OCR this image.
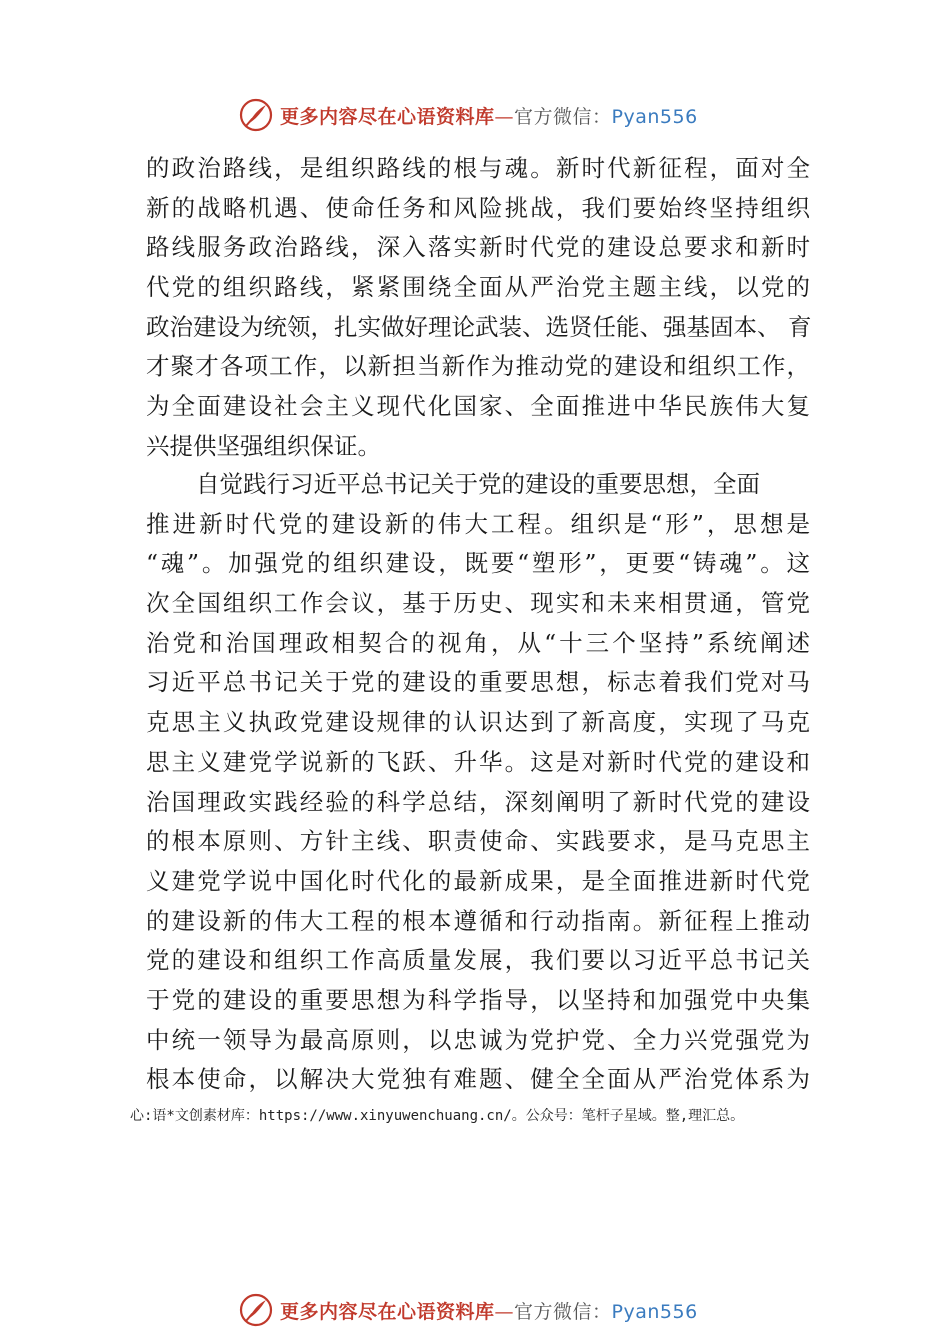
更多内容尽在心语资料库—官方微信：Pyan556
的政治路线，是组织路线的根与魂。新时代新征程，面对全
新的战略机遇、使命任务和风险挑战，我们要始终坚持组织
路线服务政治路线，深入落实新时代党的建设总要求和新时
代党的组织路线，紧紧围绕全面从严治党主题主线，以党的
政治建设为统领，扎实做好理论武装、选贤任能、强基固本、 育
才聚才各项工作，以新担当新作为推动党的建设和组织工作，
为全面建设社会主义现代化国家、全面推进中华民族伟大复
兴提供坚强组织保证。
自觉践行习近平总书记关于党的建设的重要思想，全面
推进新时代党的建设新的伟大工程。组织是“形”，思想是
“魂”。加强党的组织建设，既要“塑形”，更要“铸魂”。这
次全国组织工作会议，基于历史、现实和未来相贯通，管党
治党和治国理政相契合的视角，从“十三个坚持”系统阐述
习近平总书记关于党的建设的重要思想，标志着我们党对马
克思主义执政党建设规律的认识达到了新高度，实现了马克
思主义建党学说新的飞跃、升华。这是对新时代党的建设和
治国理政实践经验的科学总结，深刻阐明了新时代党的建设
的根本原则、方针主线、职责使命、实践要求，是马克思主
义建党学说中国化时代化的最新成果，是全面推进新时代党
的建设新的伟大工程的根本遵循和行动指南。新征程上推动
党的建设和组织工作高质量发展，我们要以习近平总书记关
于党的建设的重要思想为科学指导，以坚持和加强党中央集
中统一领导为最高原则，以忠诚为党护党、全力兴党强党为
根本使命，以解决大党独有难题、健全全面从严治党体系为
心:语*文创素材库：https://www.xinyuwenchuang.cn/。公众号：笔杆子星域。整,理汇总。
更多内容尽在心语资料库—官方微信：Pyan556
